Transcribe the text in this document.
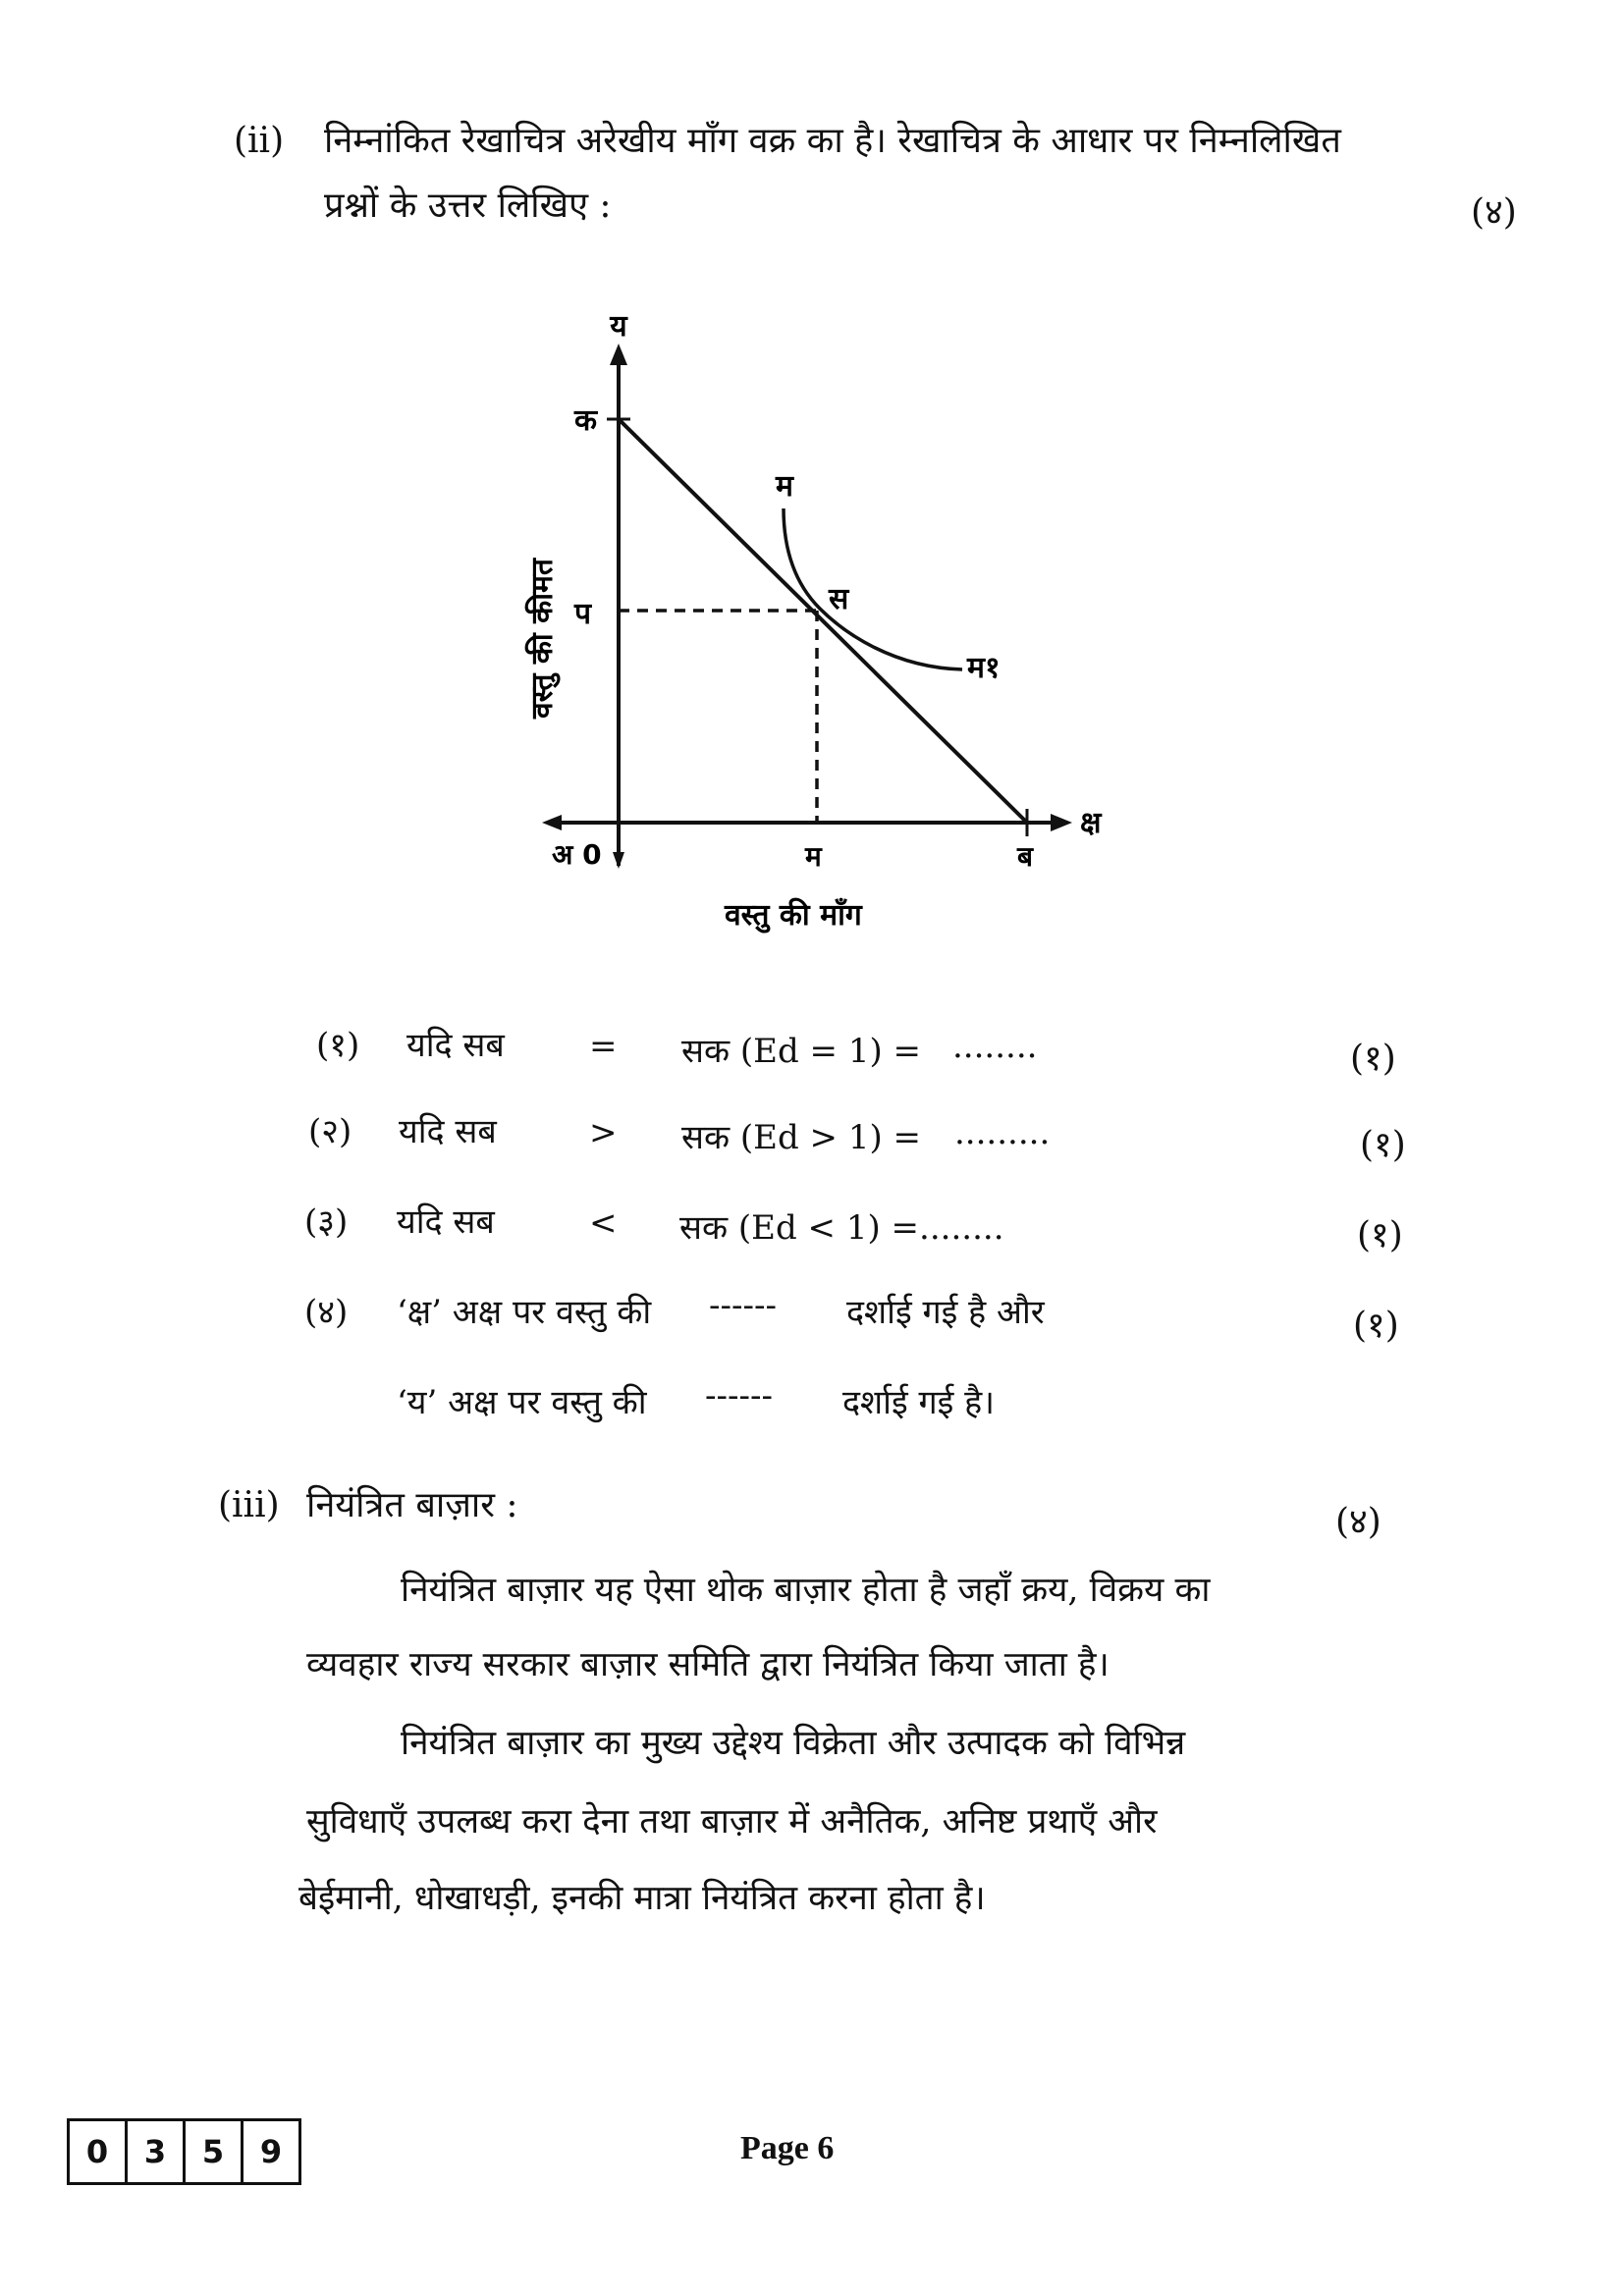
(ii) निम्नांकित रेखाचित्र अरेखीय माँग वक्र का है। रेखाचित्र के आधार पर निम्नलिखित
प्रश्नों के उत्तर लिखिए :	(४)
य
क
प
म
स
म१
क्ष
अ 0	म	ब
वस्तु की माँग
वस्तु की कीमत
(१) यदि सब	= सक (Ed = 1) = ........	(१)
(२) यदि सब	> सक (Ed > 1) = .........	(१)
(३) यदि सब	< सक (Ed < 1) =........	(१)
(४) ‘क्ष’ अक्ष पर वस्तु की ------ दर्शाई गई है और	(१)
‘य’ अक्ष पर वस्तु की ------ दर्शाई गई है।
(iii) नियंत्रित बाज़ार :	(४)
नियंत्रित बाज़ार यह ऐसा थोक बाज़ार होता है जहाँ क्रय, विक्रय का
व्यवहार राज्य सरकार बाज़ार समिति द्वारा नियंत्रित किया जाता है।
नियंत्रित बाज़ार का मुख्य उद्देश्य विक्रेता और उत्पादक को विभिन्न
सुविधाएँ उपलब्ध करा देना तथा बाज़ार में अनैतिक, अनिष्ट प्रथाएँ और
बेईमानी, धोखाधड़ी, इनकी मात्रा नियंत्रित करना होता है।
0	3	5	9	Page 6
